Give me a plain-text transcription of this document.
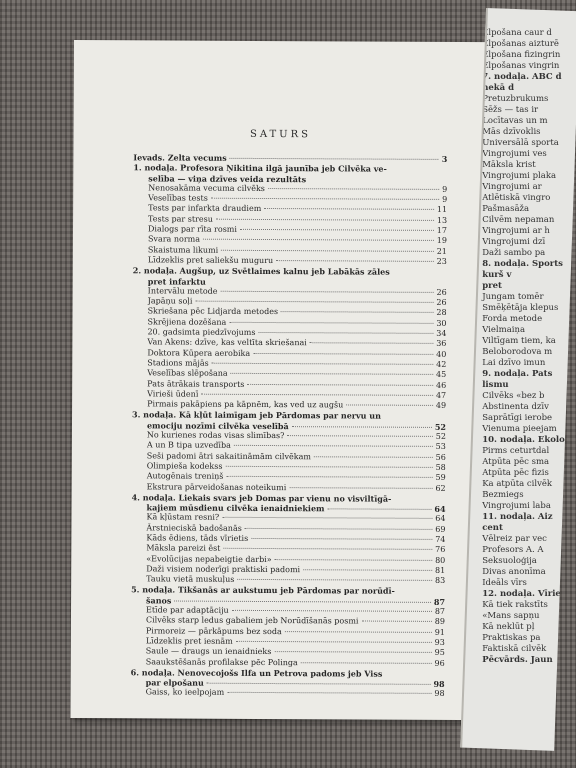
SATURS
Ievads. Zelta vecums	3
1. nodaļa. Profesora Ņikitina ilgā jaunība jeb Cilvēka ve-
selība — viņa dzīves veida rezultāts
Nenosakāma vecuma cilvēks	9
Veselības tests	9
Tests par infarkta draudiem	11
Tests par stresu	13
Dialogs par rīta rosmi	17
Svara norma	19
Skaistuma likumi	21
Līdzeklis pret saliekšu muguru	23
2. nodaļa. Augšup, uz Svētlaimes kalnu jeb Labākās zāles
pret infarktu
Intervālu metode	26
Japāņu soļi	26
Skriešana pēc Lidjarda metodes	28
Skrējiena dozēšana	30
20. gadsimta piedzīvojums	34
Van Akens: dzīve, kas veltīta skriešanai	36
Doktora Kūpera aerobika	40
Stadions mājās	42
Veselības slēpošana	45
Pats ātrākais transports	46
Virieši ūdenī	47
Pirmais pakāpiens pa kāpnēm, kas ved uz augšu	49
3. nodaļa. Kā kļūt laimīgam jeb Pārdomas par nervu un
emociju nozīmi cilvēka veselībā	52
No kurienes rodas visas slimības?	52
A un B tipa uzvedība	53
Seši padomi ātri sakaitināmām cilvēkam	56
Olimpieša kodekss	58
Autogēnais treniņš	59
Ekstrura pārveidošanas noteikumi	62
4. nodaļa. Liekais svars jeb Domas par vienu no visviltīgā-
kajiem mūsdienu cilvēka ienaidniekiem	64
Kā kļūstam resni?	64
Ārstnieciskā badošanās	69
Kāds ēdiens, tāds vīrietis	74
Māksla pareizi ēst	76
«Evolūcijas nepabeigtie darbi»	80
Daži visiem noderīgi praktiski padomi	81
Tauku vietā muskuļus	83
5. nodaļa. Tikšanās ar aukstumu jeb Pārdomas par norūdī-
šanos	87
Etīde par adaptāciju	87
Cilvēks starp ledus gabaliem jeb Norūdīšanās posmi	89
Pirmoreiz — pārkāpums bez soda	91
Līdzeklis pret iesnām	93
Saule — draugs un ienaidnieks	95
Saaukstēšanās profilakse pēc Polinga	96
6. nodaļa. Nenovecojošs Ilfa un Petrova padoms jeb Viss
par elpošanu	98
Gaiss, ko ieelpojam	98
Elpošana caur d
Elpošanas aizturē
Elpošana fizingrin
Elpošanas vingrin
7. nodaļa. ABC d
nekā d
Pretuzbrukums
Sēžs — tas ir
Locītavas un m
Mās dzīvoklis
Universālā sporta
Vingrojumi ves
Māksla krist
Vingrojumi plaka
Vingrojumi ar
Atlētiskā vingro
Pašmasāža
Cilvēm nepaman
Vingrojumi ar h
Vingrojumi dzī
Daži sambo pa
8. nodaļa. Sports
kurš v
pret
Jungam tomēr
Smēķētāja klepus
Forda metode
Vielmaiņa
Viltīgam tiem, ka
Beloborodova m
Lai dzīvo imun
9. nodaļa. Pats
lismu
Cilvēks «bez b
Abstinenta dzīv
Saprātīgi ierobe
Vienuma pieejam
10. nodaļa. Ekolo
Pirms ceturtdal
Atpūta pēc sma
Atpūta pēc fizis
Ka atpūta cilvēk
Bezmiegs
Vingrojumi laba
11. nodaļa. Aiz
cent
Vēlreiz par vec
Profesors A. A
Seksuoloģija
Divas anonīma
Ideāls vīrs
12. nodaļa. Vīrie
Kā tiek rakstīts
«Mans sapņu
Kā neklūt pļ
Praktiskas pa
Faktiskā cilvēk
Pēcvārds. Jaun
